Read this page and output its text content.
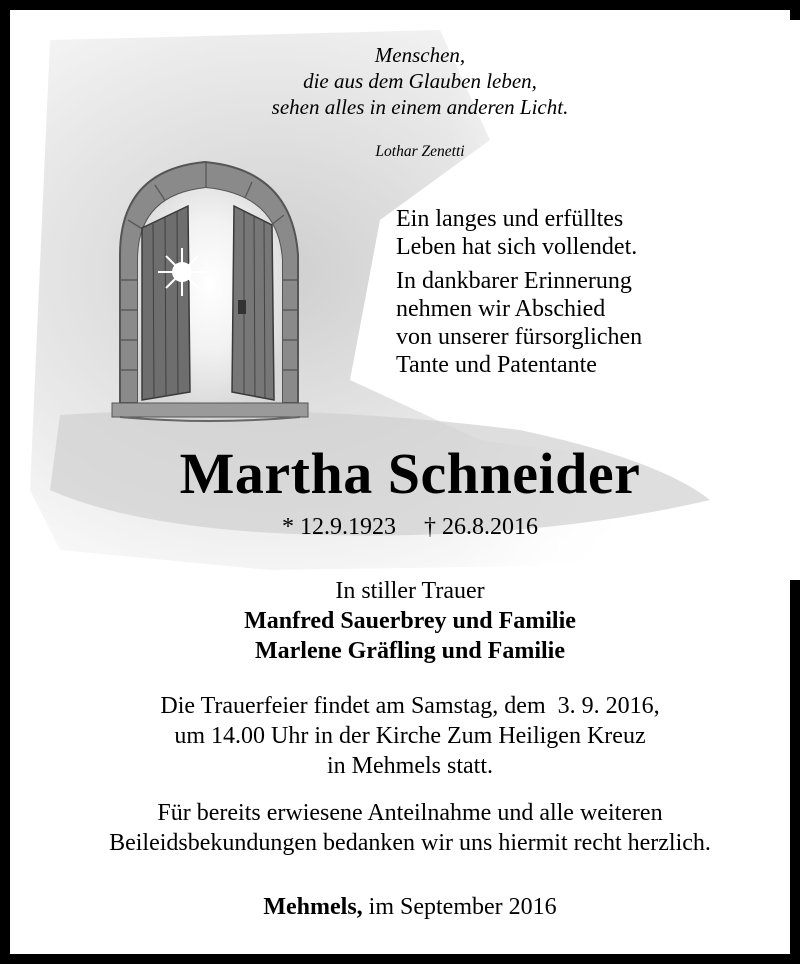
Menschen,
die aus dem Glauben leben,
sehen alles in einem anderen Licht.
Lothar Zenetti
Ein langes und erfülltes
Leben hat sich vollendet.
In dankbarer Erinnerung
nehmen wir Abschied
von unserer fürsorglichen
Tante und Patentante
Martha Schneider
* 12.9.1923 † 26.8.2016
In stiller Trauer
Manfred Sauerbrey und Familie
Marlene Gräfling und Familie
Die Trauerfeier findet am Samstag, dem  3. 9. 2016,
um 14.00 Uhr in der Kirche Zum Heiligen Kreuz
in Mehmels statt.
Für bereits erwiesene Anteilnahme und alle weiteren
Beileidsbekundungen bedanken wir uns hiermit recht herzlich.
Mehmels, im September 2016
